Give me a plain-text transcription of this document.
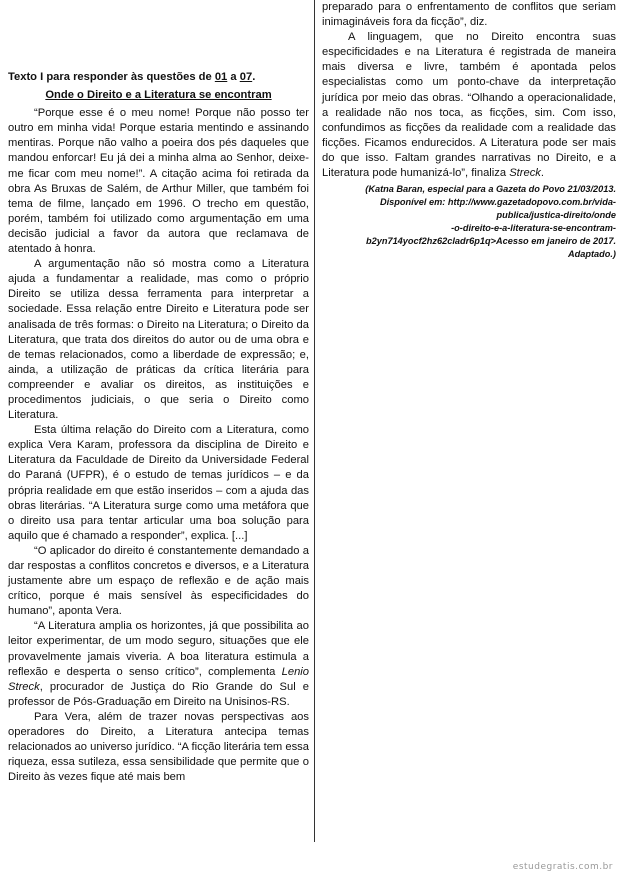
Texto I para responder às questões de 01 a 07.
Onde o Direito e a Literatura se encontram

“Porque esse é o meu nome! Porque não posso ter outro em minha vida! Porque estaria mentindo e assinando mentiras. Porque não valho a poeira dos pés daqueles que mandou enforcar! Eu já dei a minha alma ao Senhor, deixe-me ficar com meu nome!”. A citação acima foi retirada da obra As Bruxas de Salém, de Arthur Miller, que também foi tema de filme, lançado em 1996. O trecho em questão, porém, também foi utilizado como argumentação em uma decisão judicial a favor da autora que reclamava de atentado à honra.

A argumentação não só mostra como a Literatura ajuda a fundamentar a realidade, mas como o próprio Direito se utiliza dessa ferramenta para interpretar a sociedade. Essa relação entre Direito e Literatura pode ser analisada de três formas: o Direito na Literatura; o Direito da Literatura, que trata dos direitos do autor ou de uma obra e de temas relacionados, como a liberdade de expressão; e, ainda, a utilização de práticas da crítica literária para compreender e avaliar os direitos, as instituições e procedimentos judiciais, o que seria o Direito como Literatura.

Esta última relação do Direito com a Literatura, como explica Vera Karam, professora da disciplina de Direito e Literatura da Faculdade de Direito da Universidade Federal do Paraná (UFPR), é o estudo de temas jurídicos – e da própria realidade em que estão inseridos – com a ajuda das obras literárias. “A Literatura surge como uma metáfora que o direito usa para tentar articular uma boa solução para aquilo que é chamado a responder”, explica. [...]

“O aplicador do direito é constantemente demandado a dar respostas a conflitos concretos e diversos, e a Literatura justamente abre um espaço de reflexão e de ação mais crítico, porque é mais sensível às especificidades do humano”, aponta Vera.

“A Literatura amplia os horizontes, já que possibilita ao leitor experimentar, de um modo seguro, situações que ele provavelmente jamais viveria. A boa literatura estimula a reflexão e desperta o senso crítico”, complementa Lenio Streck, procurador de Justiça do Rio Grande do Sul e professor de Pós-Graduação em Direito na Unisinos-RS.

Para Vera, além de trazer novas perspectivas aos operadores do Direito, a Literatura antecipa temas relacionados ao universo jurídico. “A ficção literária tem essa riqueza, essa sutileza, essa sensibilidade que permite que o Direito às vezes fique até mais bem

preparado para o enfrentamento de conflitos que seriam inimagináveis fora da ficção”, diz.

A linguagem, que no Direito encontra suas especificidades e na Literatura é registrada de maneira mais diversa e livre, também é apontada pelos especialistas como um ponto-chave da interpretação jurídica por meio das obras. “Olhando a operacionalidade, a realidade não nos toca, as ficções, sim. Com isso, confundimos as ficções da realidade com a realidade das ficções. Ficamos endurecidos. A Literatura pode ser mais do que isso. Faltam grandes narrativas no Direito, e a Literatura pode humanizá-lo”, finaliza Streck.

(Katna Baran, especial para a Gazeta do Povo 21/03/2013.
Disponível em: http://www.gazetadopovo.com.br/vida-
publica/justica-direito/onde
-o-direito-e-a-literatura-se-encontram-
b2yn714yocf2hz62cladr6p1q>Acesso em janeiro de 2017.
Adaptado.)
estudegratis.com.br
